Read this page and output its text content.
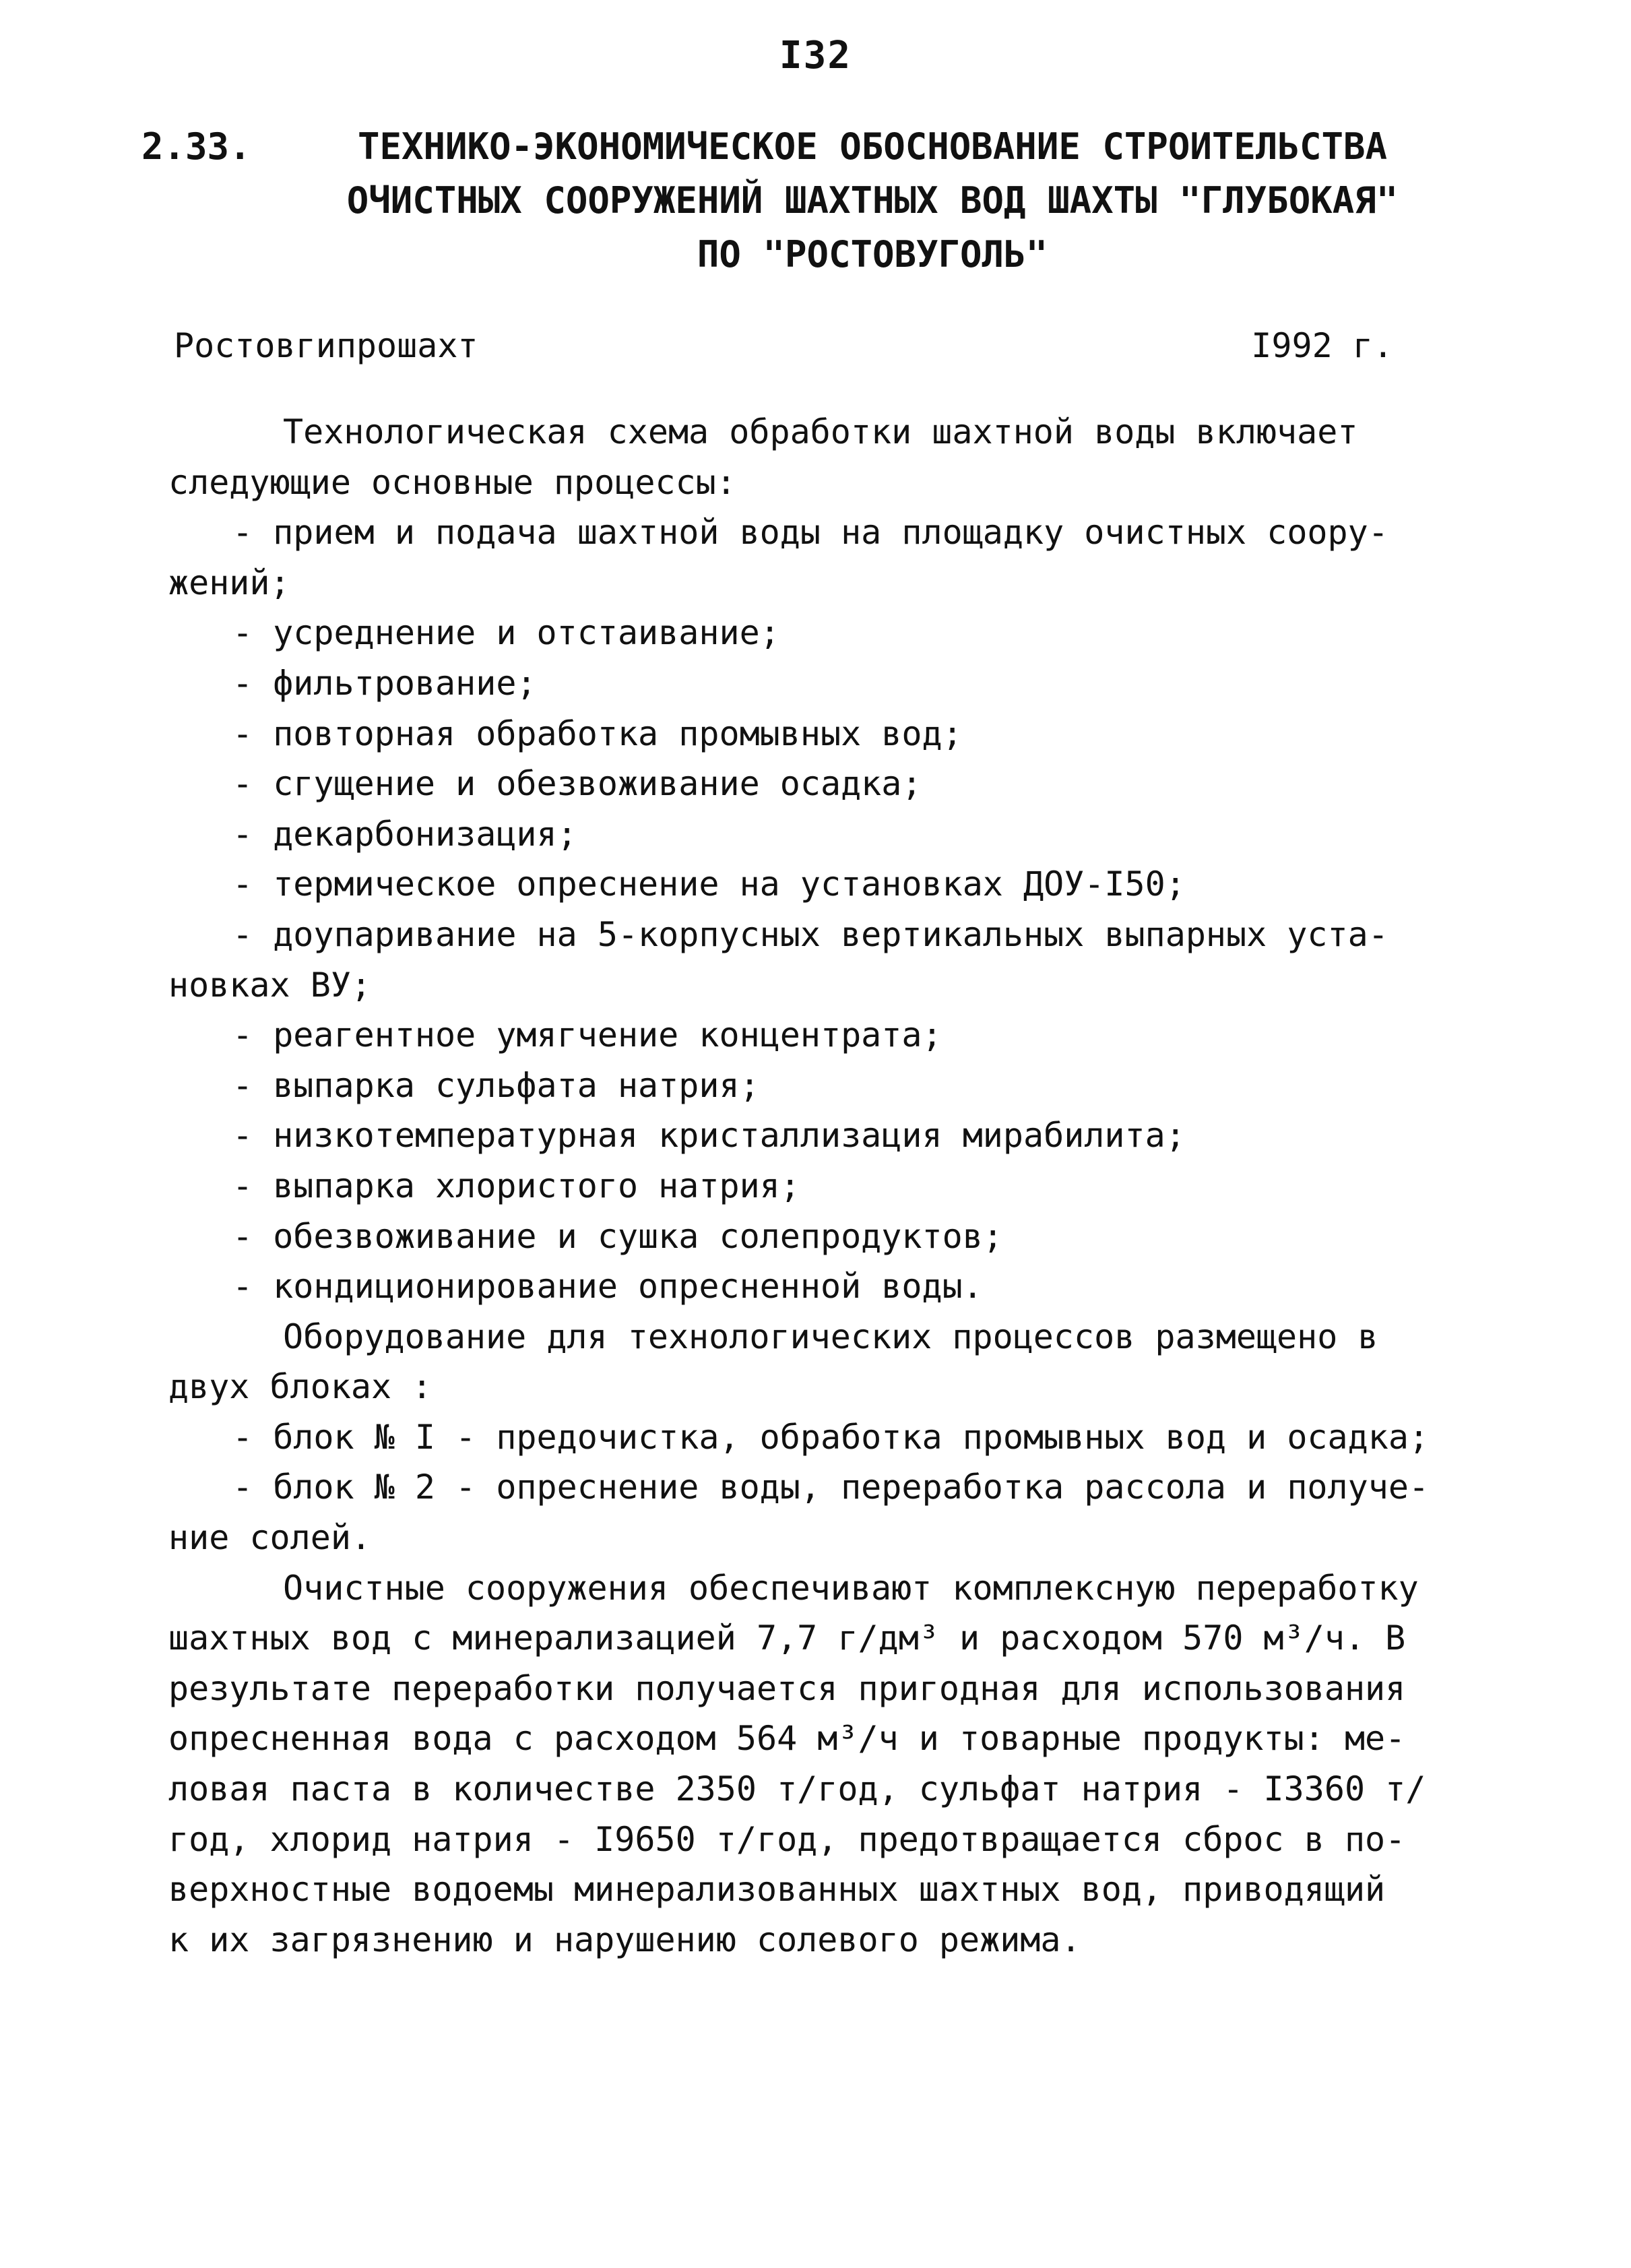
I32
2.33.	ТЕХНИКО-ЭКОНОМИЧЕСКОЕ ОБОСНОВАНИЕ СТРОИТЕЛЬСТВА
ОЧИСТНЫХ СООРУЖЕНИЙ ШАХТНЫХ ВОД ШАХТЫ "ГЛУБОКАЯ"
ПО "РОСТОВУГОЛЬ"
Ростовгипрошахт	I992 г.
Технологическая схема обработки шахтной воды включает
следующие основные процессы:
- прием и подача шахтной воды на площадку очистных соору-
жений;
- усреднение и отстаивание;
- фильтрование;
- повторная обработка промывных вод;
- сгущение и обезвоживание осадка;
- декарбонизация;
- термическое опреснение на установках ДОУ-I50;
- доупаривание на 5-корпусных вертикальных выпарных уста-
новках ВУ;
- реагентное умягчение концентрата;
- выпарка сульфата натрия;
- низкотемпературная кристаллизация мирабилита;
- выпарка хлористого натрия;
- обезвоживание и сушка солепродуктов;
- кондиционирование опресненной воды.
Оборудование для технологических процессов размещено в
двух блоках :
- блок № I - предочистка, обработка промывных вод и осадка;
- блок № 2 - опреснение воды, переработка рассола и получе-
ние солей.
Очистные сооружения обеспечивают комплексную переработку
шахтных вод с минерализацией 7,7 г/дм³ и расходом 570 м³/ч. В
результате переработки получается пригодная для использования
опресненная вода с расходом 564 м³/ч и товарные продукты: ме-
ловая паста в количестве 2350 т/год, сульфат натрия - I3360 т/
год, хлорид натрия - I9650 т/год, предотвращается сброс в по-
верхностные водоемы минерализованных шахтных вод, приводящий
к их загрязнению и нарушению солевого режима.
